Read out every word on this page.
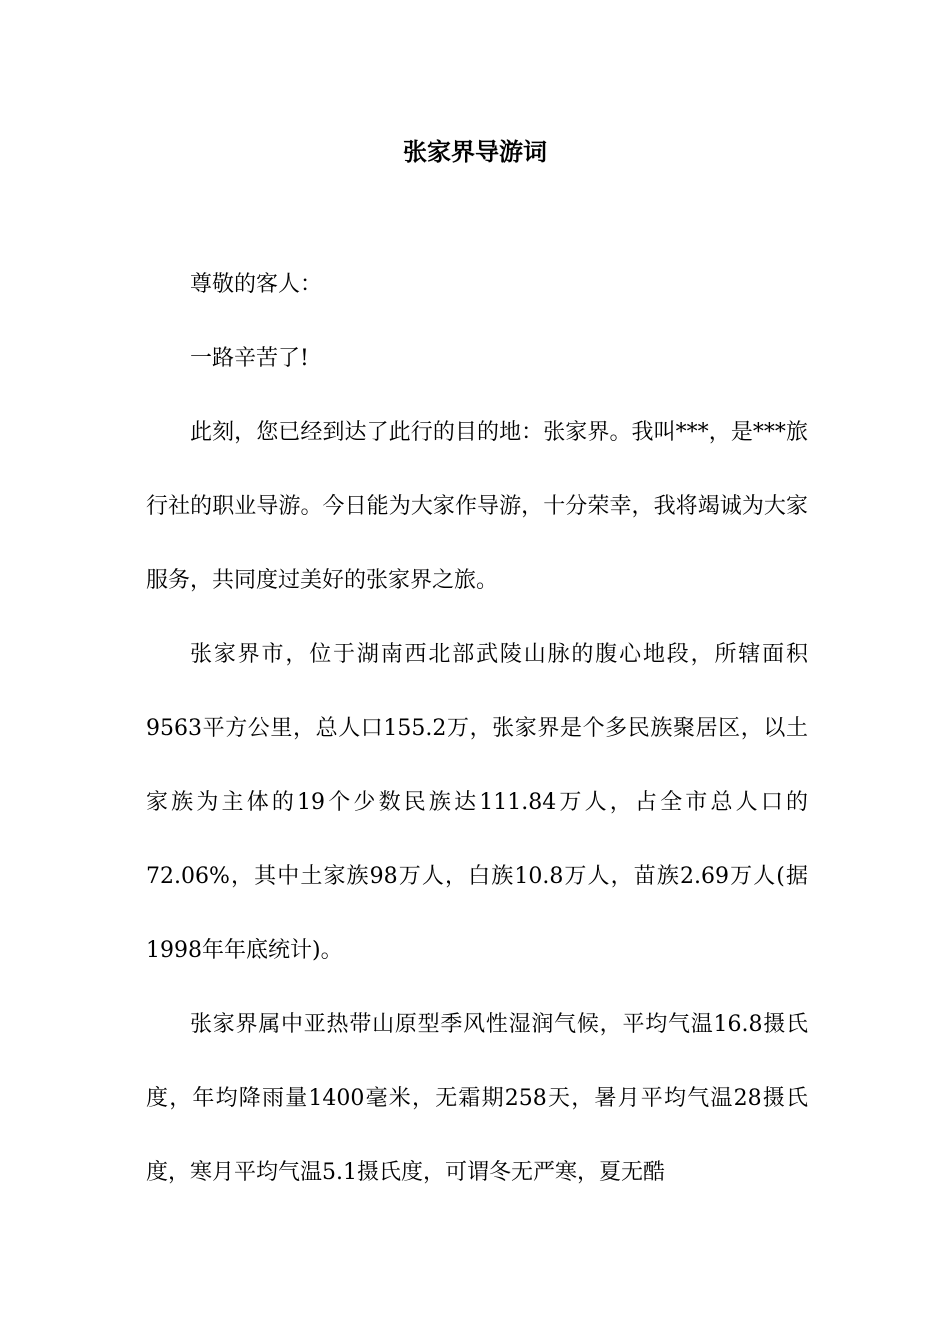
张家界导游词

尊敬的客人：

一路辛苦了!

此刻，您已经到达了此行的目的地：张家界。我叫***，是***旅行社的职业导游。今日能为大家作导游，十分荣幸，我将竭诚为大家服务，共同度过美好的张家界之旅。

张家界市，位于湖南西北部武陵山脉的腹心地段，所辖面积9563平方公里，总人口155.2万，张家界是个多民族聚居区，以土家族为主体的19个少数民族达111.84万人，占全市总人口的72.06%，其中土家族98万人，白族10.8万人，苗族2.69万人(据1998年年底统计)。

张家界属中亚热带山原型季风性湿润气候，平均气温16.8摄氏度，年均降雨量1400毫米，无霜期258天，暑月平均气温28摄氏度，寒月平均气温5.1摄氏度，可谓冬无严寒，夏无酷
